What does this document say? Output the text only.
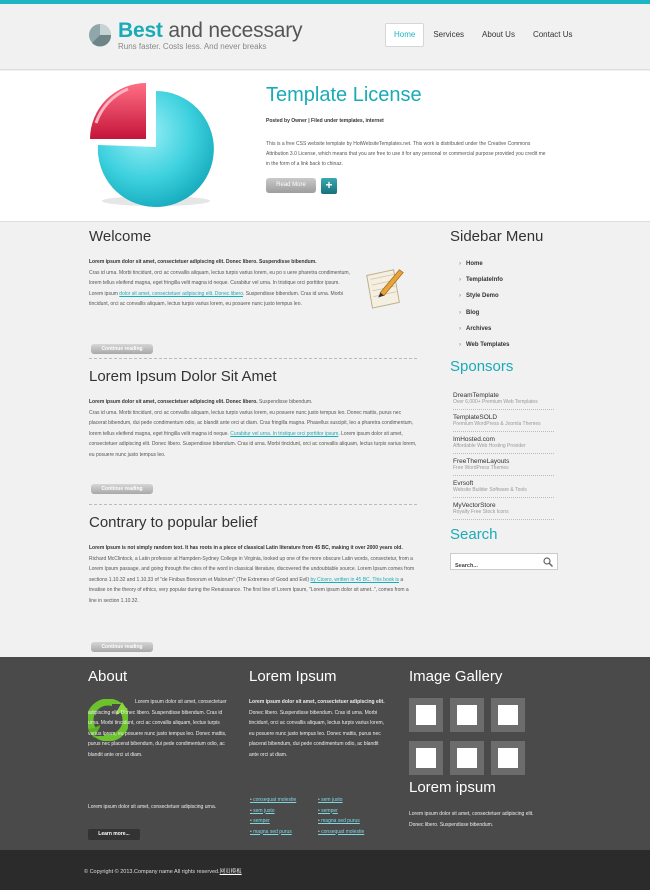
Best and necessary
Runs faster. Costs less. And never breaks
Home	Services	About Us	Contact Us
Template License
Posted by Owner | Filed under templates, internet

This is a free CSS website template by HotWebsiteTemplates.net. This work is distributed under the Creative Commons Attribution 3.0 License, which means that you are free to use it for any personal or commercial purpose provided you credit me in the form of a link back to chinaz.

Read More	+
Welcome

Lorem ipsum dolor sit amet, consectetuer adipiscing elit. Donec libero. Suspendisse bibendum.

Cras id urna. Morbi tincidunt, orci ac convallis aliquam, lectus turpis varius lorem, eu po s uere pharetra condimentum, lorem tellus eleifend magna, eget fringilla velit magna id neque. Curabitur vel urna. In tristique orci porttitor ipsum. Lorem ipsum dolor sit amet, consectetuer adipiscing elit. Donec libero. Suspendisse bibendum. Cras id urna. Morbi tincidunt, orci ac convallis aliquam, lectus turpis varius lorem, eu posuere nunc justo tempus leo.

Continue reading
Lorem Ipsum Dolor Sit Amet

Lorem ipsum dolor sit amet, consectetuer adipiscing elit. Donec libero. Suspendisse bibendum.

Cras id urna. Morbi tincidunt, orci ac convallis aliquam, lectus turpis varius lorem, eu posuere nunc justo tempus leo. Donec mattis, purus nec placerat bibendum, dui pede condimentum odio, ac blandit ante orci ut diam. Cras fringilla magna. Phasellus suscipit, leo a pharetra condimentum, lorem tellus eleifend magna, eget fringilla velit magna id neque. Curabitur vel urna. In tristique orci porttitor ipsum. Lorem ipsum dolor sit amet, consectetuer adipiscing elit. Donec libero. Suspendisse bibendum. Cras id urna. Morbi tincidunt, orci ac convallis aliquam, lectus turpis varius lorem, eu posuere nunc justo tempus leo.

Continue reading
Contrary to popular belief

Lorem Ipsum is not simply random text. It has roots in a piece of classical Latin literature from 45 BC, making it over 2000 years old.

Richard McClintock, a Latin professor at Hampden-Sydney College in Virginia, looked up one of the more obscure Latin words, consectetur, from a Lorem Ipsum passage, and going through the cites of the word in classical literature, discovered the undoubtable source. Lorem Ipsum comes from sections 1.10.32 and 1.10.33 of "de Finibus Bonorum et Malorum" (The Extremes of Good and Evil) by Cicero, written in 45 BC. This book is a treatise on the theory of ethics, very popular during the Renaissance. The first line of Lorem Ipsum, "Lorem ipsum dolor sit amet..", comes from a line in section 1.10.32.

Continue reading
Sidebar Menu
› Home
› TemplateInfo
› Style Demo
› Blog
› Archives
› Web Templates
Sponsors
DreamTemplate
Over 6,000+ Premium Web Templates
TemplateSOLD
Premium WordPress & Joomla Themes
ImHosted.com
Affordable Web Hosting Provider
FreeThemeLayouts
Free WordPress Themes
Evrsoft
Website Builder Software & Tools
MyVectorStore
Royalty Free Stock Icons
Search
Search...
About
Lorem ipsum dolor sit amet, consectetuer adipiscing elit. Donec libero. Suspendisse bibendum. Cras id urna. Morbi tincidunt, orci ac convallis aliquam, lectus turpis varius lorem, eu posuere nunc justo tempus leo. Donec mattis, purus nec placerat bibendum, dui pede condimentum odio, ac blandit ante orci ut diam.
Lorem ipsum dolor sit amet, consectetuer adipiscing urna.
Learn more...
Lorem Ipsum
Lorem ipsum dolor sit amet, consectetuer adipiscing elit. Donec libero. Suspendisse bibendum. Cras id urna. Morbi tincidunt, orci ac convallis aliquam, lectus turpis varius lorem, eu posuere nunc justo tempus leo. Donec mattis, purus nec placerat bibendum, dui pede condimentum odio, ac blandit ante orci ut diam.
• consequat molestie	• sem justo
• sem justo	• semper
• semper	• magna sed purus
• magna sed purus	• consequat molestie
Image Gallery
Lorem ipsum
Lorem ipsum dolor sit amet, consectetuer adipiscing elit. Donec libero. Suspendisse bibendum.
© Copyright © 2013.Company name All rights reserved.网页模板
